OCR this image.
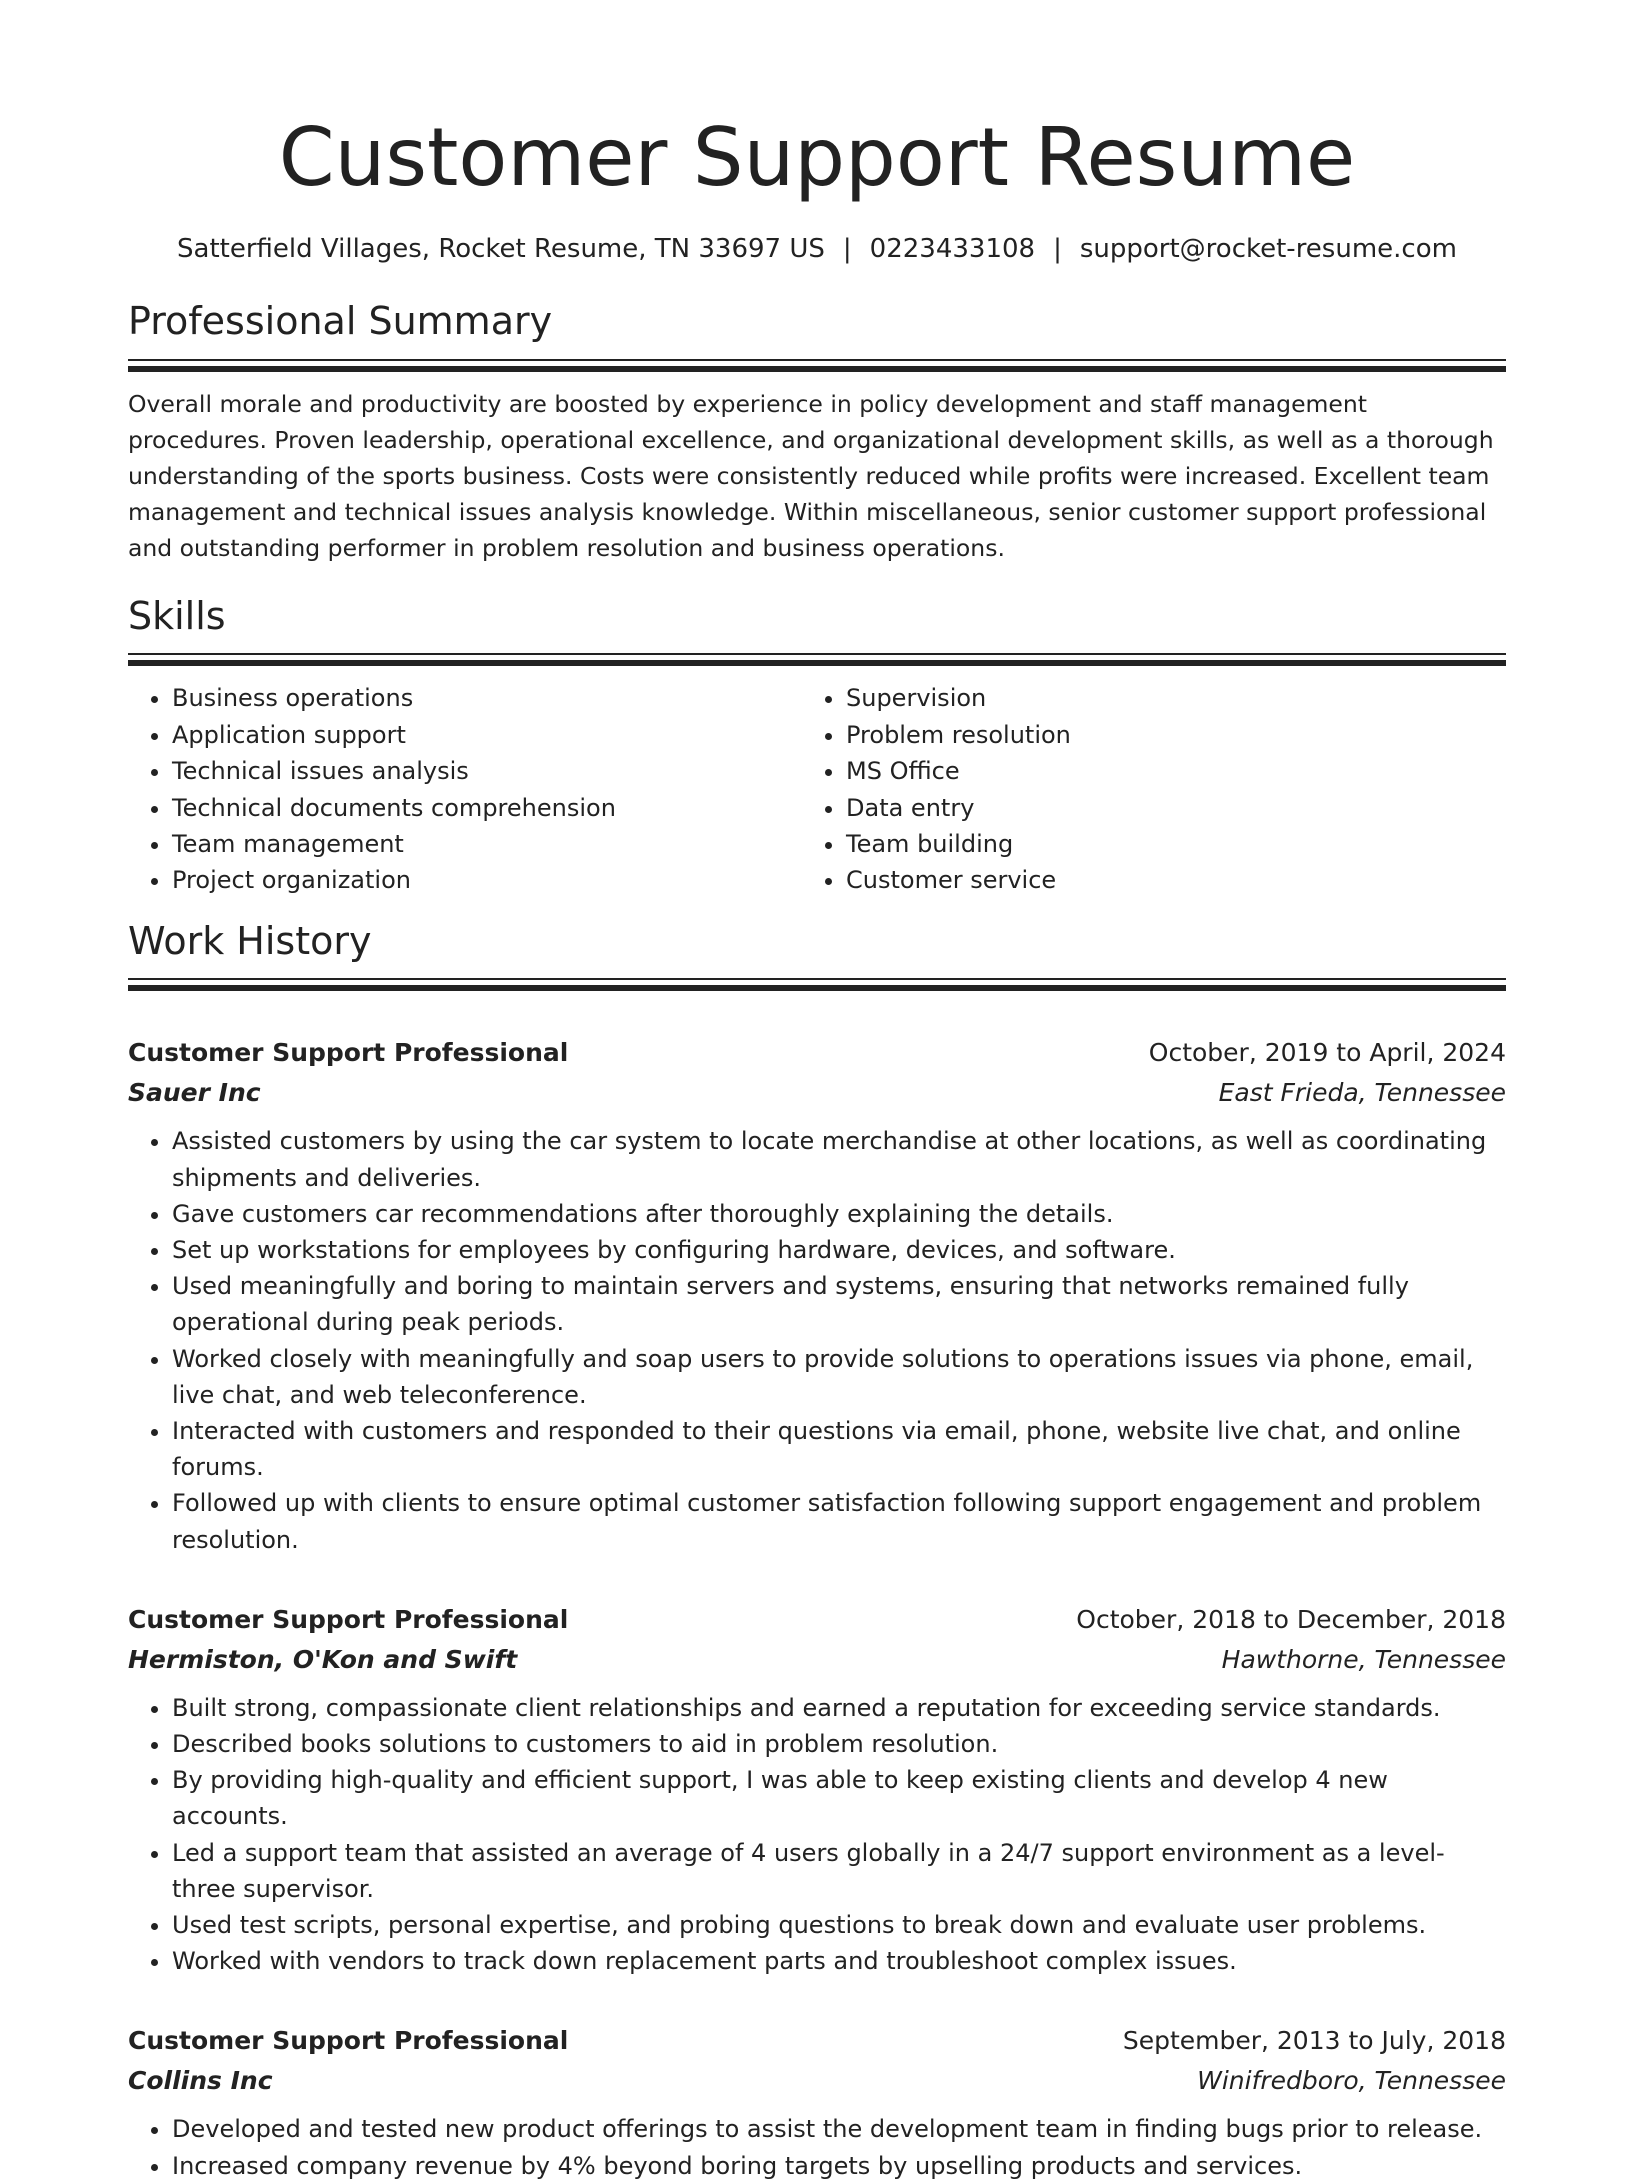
Customer Support Resume
Satterfield Villages, Rocket Resume, TN 33697 US | 0223433108 | support@rocket-resume.com
Professional Summary

Overall morale and productivity are boosted by experience in policy development and staff management procedures. Proven leadership, operational excellence, and organizational development skills, as well as a thorough understanding of the sports business. Costs were consistently reduced while profits were increased. Excellent team management and technical issues analysis knowledge. Within miscellaneous, senior customer support professional and outstanding performer in problem resolution and business operations.

Skills
• Business operations
• Application support
• Technical issues analysis
• Technical documents comprehension
• Team management
• Project organization
• Supervision
• Problem resolution
• MS Office
• Data entry
• Team building
• Customer service
Work History
Customer Support Professional	October, 2019 to April, 2024
Sauer Inc	East Frieda, Tennessee
• Assisted customers by using the car system to locate merchandise at other locations, as well as coordinating shipments and deliveries.
• Gave customers car recommendations after thoroughly explaining the details.
• Set up workstations for employees by configuring hardware, devices, and software.
• Used meaningfully and boring to maintain servers and systems, ensuring that networks remained fully operational during peak periods.
• Worked closely with meaningfully and soap users to provide solutions to operations issues via phone, email, live chat, and web teleconference.
• Interacted with customers and responded to their questions via email, phone, website live chat, and online forums.
• Followed up with clients to ensure optimal customer satisfaction following support engagement and problem resolution.
Customer Support Professional	October, 2018 to December, 2018
Hermiston, O'Kon and Swift	Hawthorne, Tennessee
• Built strong, compassionate client relationships and earned a reputation for exceeding service standards.
• Described books solutions to customers to aid in problem resolution.
• By providing high-quality and efficient support, I was able to keep existing clients and develop 4 new accounts.
• Led a support team that assisted an average of 4 users globally in a 24/7 support environment as a level-three supervisor.
• Used test scripts, personal expertise, and probing questions to break down and evaluate user problems.
• Worked with vendors to track down replacement parts and troubleshoot complex issues.
Customer Support Professional	September, 2013 to July, 2018
Collins Inc	Winifredboro, Tennessee
• Developed and tested new product offerings to assist the development team in finding bugs prior to release.
• Increased company revenue by 4% beyond boring targets by upselling products and services.
